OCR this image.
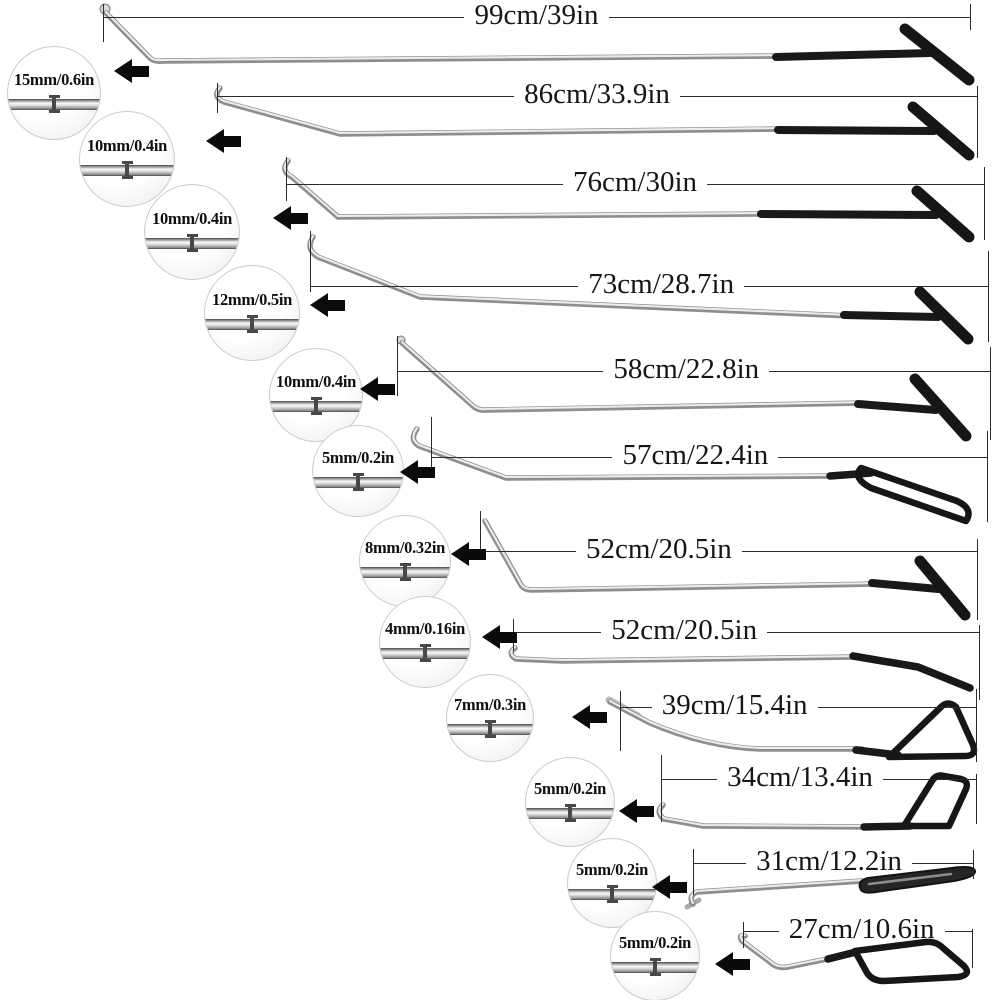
99cm/39in
86cm/33.9in
76cm/30in
73cm/28.7in
58cm/22.8in
57cm/22.4in
52cm/20.5in
52cm/20.5in
39cm/15.4in
34cm/13.4in
31cm/12.2in
27cm/10.6in
15mm/0.6in
10mm/0.4in
10mm/0.4in
12mm/0.5in
10mm/0.4in
5mm/0.2in
8mm/0.32in
4mm/0.16in
7mm/0.3in
5mm/0.2in
5mm/0.2in
5mm/0.2in
